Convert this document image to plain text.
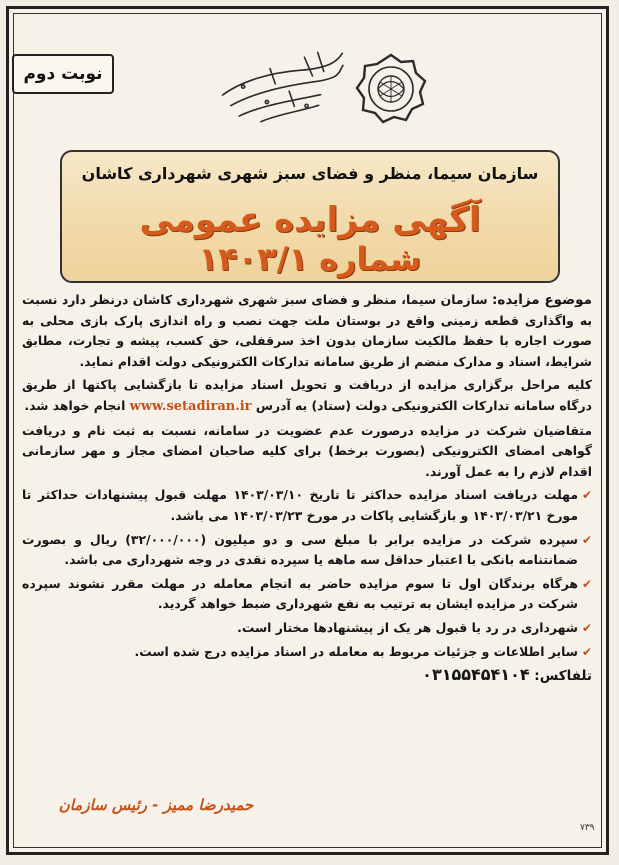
نوبت دوم
سازمان سیما، منظر و فضای سبز شهری شهرداری کاشان
آگهی مزایده عمومی
شماره ۱۴۰۳/۱

موضوع مزایده: سازمان سیما، منظر و فضای سبز شهری شهرداری کاشان درنظر دارد نسبت به واگذاری قطعه زمینی واقع در بوستان ملت جهت نصب و راه اندازی پارک بازی محلی به صورت اجاره با حفظ مالکیت سازمان بدون اخذ سرقفلی، حق کسب، پیشه و تجارت، مطابق شرایط، اسناد و مدارک منضم از طریق سامانه تدارکات الکترونیکی دولت اقدام نماید.

کلیه مراحل برگزاری مزایده از دریافت و تحویل اسناد مزایده تا بازگشایی پاکتها از طریق درگاه سامانه تدارکات الکترونیکی دولت (ستاد) به آدرس www.setadiran.ir انجام خواهد شد.

متقاضیان شرکت در مزایده درصورت عدم عضویت در سامانه، نسبت به ثبت نام و دریافت گواهی امضای الکترونیکی (بصورت برخط) برای کلیه صاحبان امضای مجاز و مهر سازمانی اقدام لازم را به عمل آورند.

✔
مهلت دریافت اسناد مزایده حداکثر تا تاریخ ۱۴۰۳/۰۳/۱۰ مهلت قبول پیشنهادات حداکثر تا مورخ ۱۴۰۳/۰۳/۲۱ و بازگشایی پاکات در مورخ ۱۴۰۳/۰۳/۲۳ می باشد.

✔
سپرده شرکت در مزایده برابر با مبلغ سی و دو میلیون (۳۲/۰۰۰/۰۰۰) ریال و بصورت ضمانتنامه بانکی با اعتبار حداقل سه ماهه یا سپرده نقدی در وجه شهرداری می باشد.

✔
هرگاه برندگان اول تا سوم مزایده حاضر به انجام معامله در مهلت مقرر نشوند سپرده شرکت در مزایده ایشان به ترتیب به نفع شهرداری ضبط خواهد گردید.

✔
شهرداری در رد یا قبول هر یک از پیشنهادها مختار است.

✔
سایر اطلاعات و جزئیات مربوط به معامله در اسناد مزایده درج شده است.

تلفاکس: ۰۳۱۵۵۴۵۴۱۰۴

حمیدرضا ممیز - رئیس سازمان
۷۳۹
